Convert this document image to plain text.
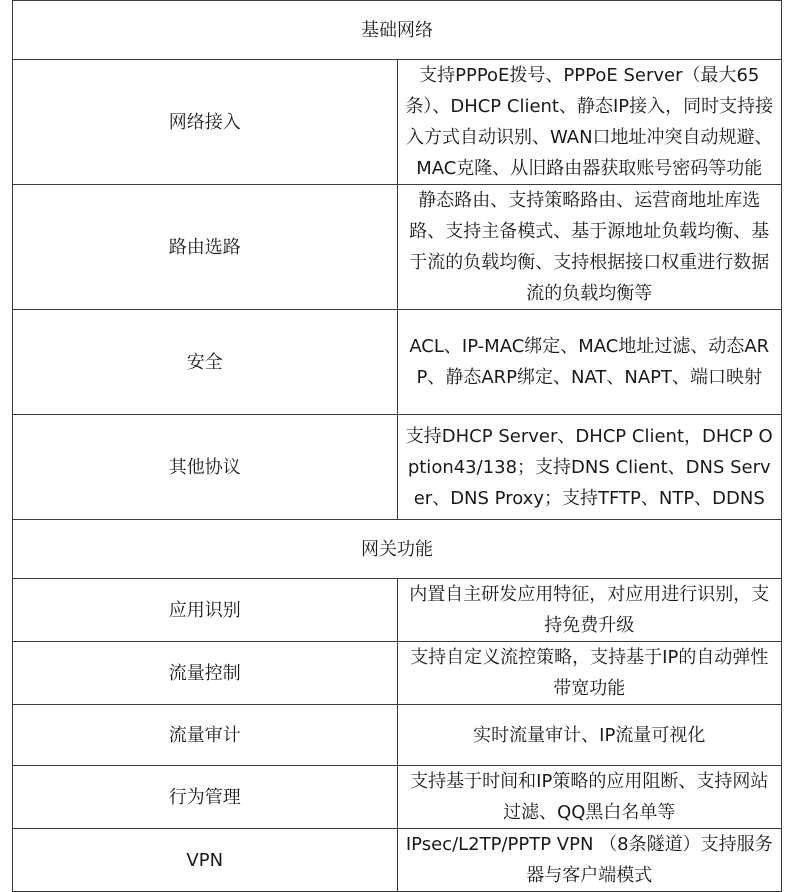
基础网络	
网络接入	支持PPPoE拨号、PPPoE Server（最大65条）、DHCP Client、静态IP接入，同时支持接入方式自动识别、WAN口地址冲突自动规避、MAC克隆、从旧路由器获取账号密码等功能
路由选路	静态路由、支持策略路由、运营商地址库选路、支持主备模式、基于源地址负载均衡、基于流的负载均衡、支持根据接口权重进行数据流的负载均衡等
安全	ACL、IP-MAC绑定、MAC地址过滤、动态ARP、静态ARP绑定、NAT、NAPT、端口映射
其他协议	支持DHCP Server、DHCP Client，DHCP Option43/138；支持DNS Client、DNS Server、DNS Proxy；支持TFTP、NTP、DDNS
网关功能	
应用识别	内置自主研发应用特征，对应用进行识别，支持免费升级
流量控制	支持自定义流控策略，支持基于IP的自动弹性带宽功能
流量审计	实时流量审计、IP流量可视化
行为管理	支持基于时间和IP策略的应用阻断、支持网站过滤、QQ黑白名单等
VPN	IPsec/L2TP/PPTP VPN （8条隧道）支持服务器与客户端模式
